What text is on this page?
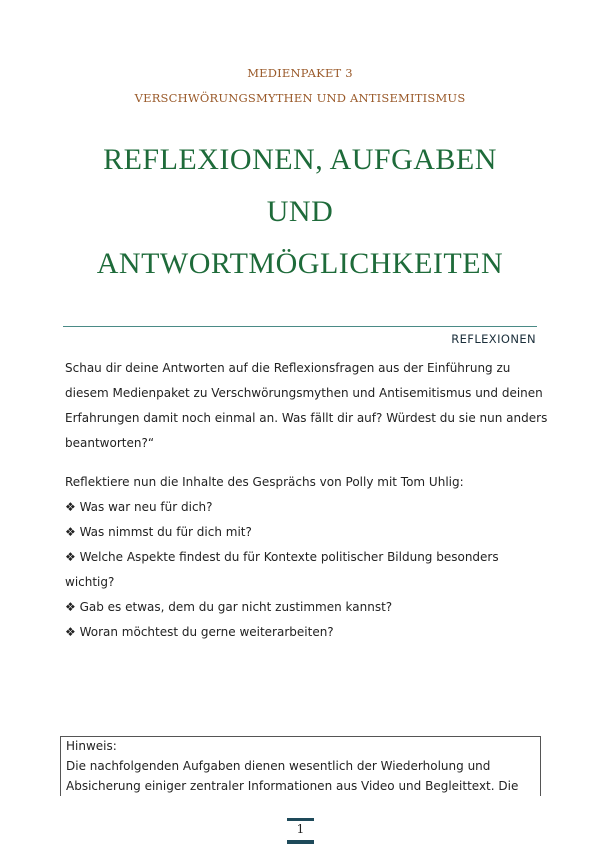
MEDIENPAKET 3
VERSCHWÖRUNGSMYTHEN UND ANTISEMITISMUS
REFLEXIONEN, AUFGABEN
UND
ANTWORTMÖGLICHKEITEN
REFLEXIONEN
Schau dir deine Antworten auf die Reflexionsfragen aus der Einführung zu
diesem Medienpaket zu Verschwörungsmythen und Antisemitismus und deinen
Erfahrungen damit noch einmal an. Was fällt dir auf? Würdest du sie nun anders
beantworten?“
Reflektiere nun die Inhalte des Gesprächs von Polly mit Tom Uhlig:
❖ Was war neu für dich?
❖ Was nimmst du für dich mit?
❖ Welche Aspekte findest du für Kontexte politischer Bildung besonders
wichtig?
❖ Gab es etwas, dem du gar nicht zustimmen kannst?
❖ Woran möchtest du gerne weiterarbeiten?
Hinweis:
Die nachfolgenden Aufgaben dienen wesentlich der Wiederholung und
Absicherung einiger zentraler Informationen aus Video und Begleittext. Die
1
